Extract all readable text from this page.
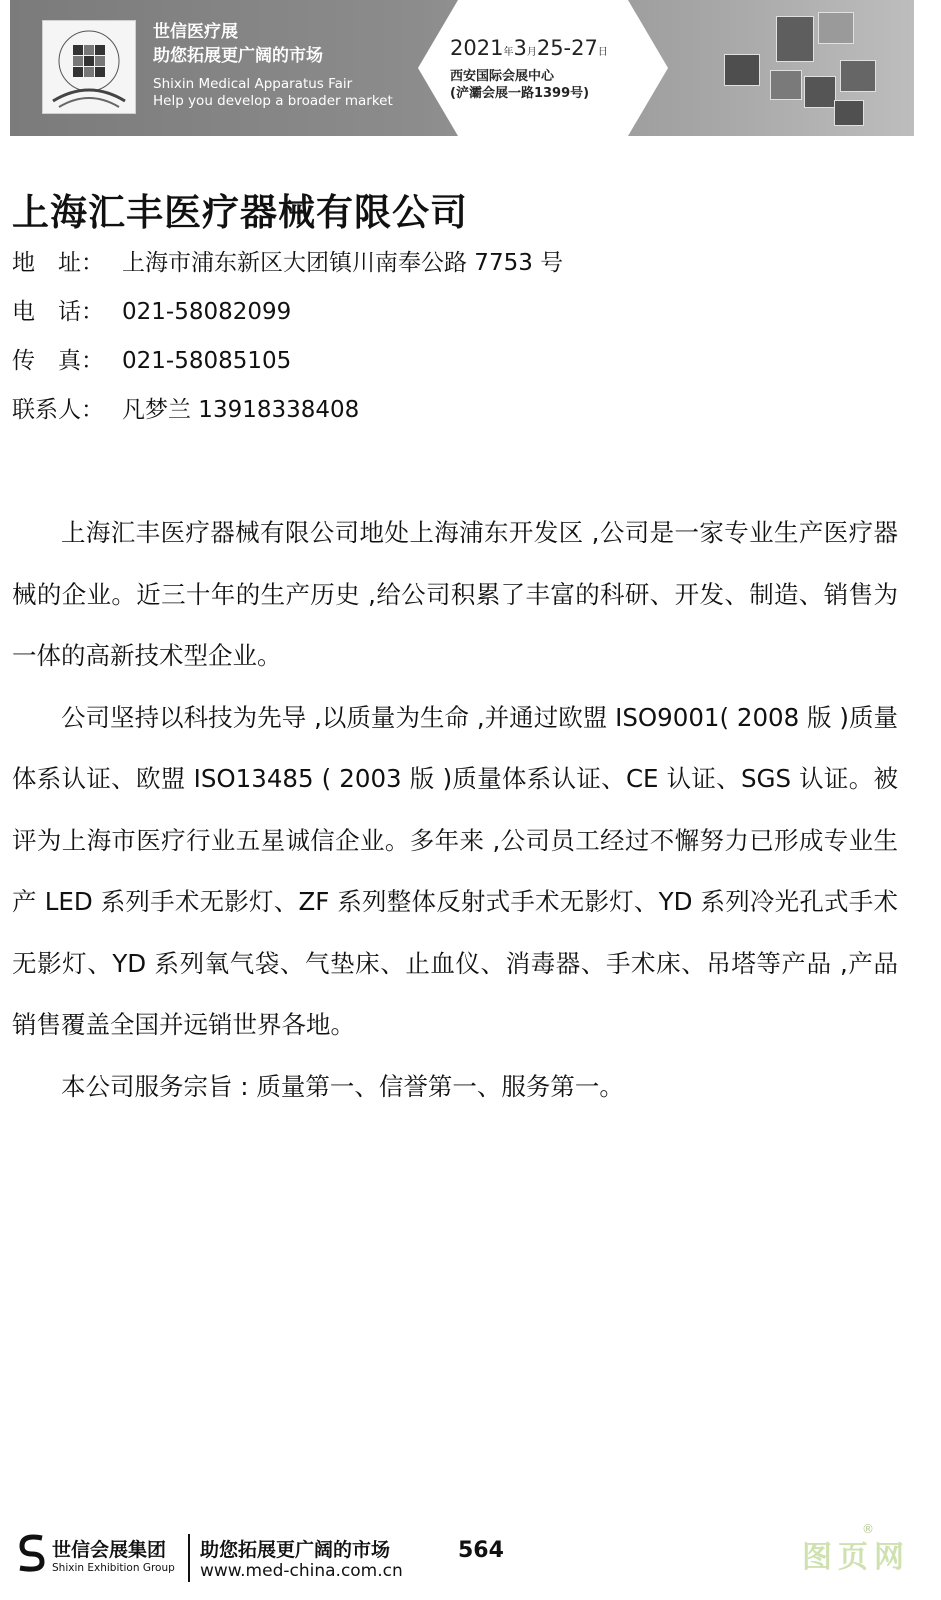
世信医疗展
助您拓展更广阔的市场
Shixin Medical Apparatus Fair
Help you develop a broader market
2021年3月25-27日
西安国际会展中心
(浐灞会展一路1399号)
上海汇丰医疗器械有限公司
地　址： 上海市浦东新区大团镇川南奉公路 7753 号
电　话： 021-58082099
传　真： 021-58085105
联系人： 凡梦兰 13918338408

上海汇丰医疗器械有限公司地处上海浦东开发区 ,公司是一家专业生产医疗器械的企业。近三十年的生产历史 ,给公司积累了丰富的科研、开发、制造、销售为一体的高新技术型企业。

公司坚持以科技为先导 ,以质量为生命 ,并通过欧盟 ISO9001( 2008 版 )质量体系认证、欧盟 ISO13485 ( 2003 版 )质量体系认证、CE 认证、SGS 认证。被评为上海市医疗行业五星诚信企业。多年来 ,公司员工经过不懈努力已形成专业生产 LED 系列手术无影灯、ZF 系列整体反射式手术无影灯、YD 系列冷光孔式手术无影灯、YD 系列氧气袋、气垫床、止血仪、消毒器、手术床、吊塔等产品 ,产品销售覆盖全国并远销世界各地。

本公司服务宗旨 : 质量第一、信誉第一、服务第一。

世信会展集团
Shixin Exhibition Group
助您拓展更广阔的市场
www.med-china.com.cn
564	图页网
®
